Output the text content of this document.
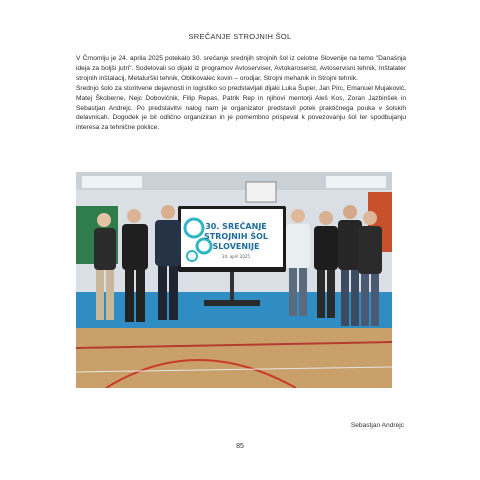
SREČANJE STROJNIH ŠOL

V Črnomlju je 24. aprila 2025 potekalo 30. srečanje srednjih strojnih šol iz celotne Slovenije na temo "Današnja ideja za boljši jutri". Sodelovali so dijaki iz programov Avtoserviser, Avtokaroserist, Avtoservisni tehnik, Inštalater strojnih inštalacij, Metalurški tehnik, Oblikovalec kovin – orodjar, Strojni mehanik in Strojni tehnik.

Srednjo šolo za storitvene dejavnosti in logistiko so predstavljali dijaki Luka Šuper, Jan Pirc, Emanuel Mujaković, Matej Škoberne, Nejc Dobovičnik, Filip Repas, Patrik Rep in njihovi mentorji Aleš Kos, Zoran Jazbinšek in Sebastjan Andrejc. Po predstavitvi nalog nam je organizator predstavil potek praktičnega pouka v šolskih delavnicah. Dogodek je bil odlično organiziran in je pomembno prispeval k povezovanju šol ter spodbujanju interesa za tehnične poklice.

30. SREČANJE
STROJNIH ŠOL
SLOVENIJE
24. april 2025
Sebastjan Andrejc
85
